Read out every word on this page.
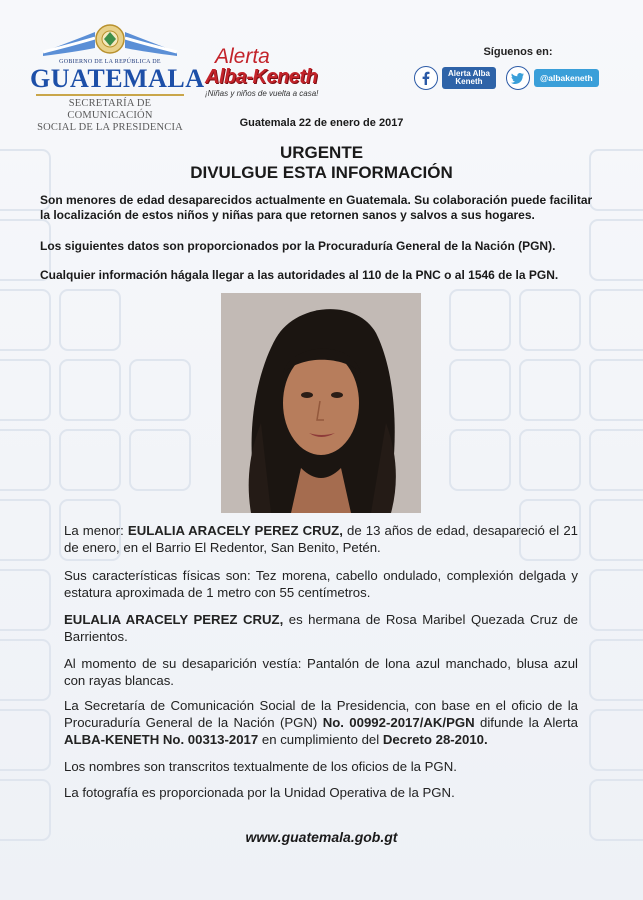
GOBIERNO DE LA REPÚBLICA DE
GUATEMALA
SECRETARÍA DE COMUNICACIÓN
SOCIAL DE LA PRESIDENCIA
Alerta
Alba-Keneth
¡Niñas y niños de vuelta a casa!
Síguenos en:
Alerta Alba
Keneth	@albakeneth
Guatemala 22 de enero de 2017
URGENTE
DIVULGUE ESTA INFORMACIÓN
Son menores de edad desaparecidos actualmente en Guatemala. Su colaboración puede facilitar la localización de estos niños y niñas para que retornen sanos y salvos a sus hogares.
Los siguientes datos son proporcionados por la Procuraduría General de la Nación (PGN).
Cualquier información hágala llegar a las autoridades al 110 de la PNC o al 1546 de la PGN.
La menor: EULALIA ARACELY PEREZ CRUZ, de 13 años de edad, desapareció el 21 de enero, en el Barrio El Redentor, San Benito, Petén.
Sus características físicas son: Tez morena, cabello ondulado, complexión delgada y estatura aproximada de 1 metro con 55 centímetros.
EULALIA ARACELY PEREZ CRUZ, es hermana de Rosa Maribel Quezada Cruz de Barrientos.
Al momento de su desaparición vestía: Pantalón de lona azul manchado, blusa azul con rayas blancas.
La Secretaría de Comunicación Social de la Presidencia, con base en el oficio de la Procuraduría General de la Nación (PGN) No. 00992-2017/AK/PGN difunde la Alerta ALBA-KENETH No. 00313-2017 en cumplimiento del Decreto 28-2010.
Los nombres son transcritos textualmente de los oficios de la PGN.
La fotografía es proporcionada por la Unidad Operativa de la PGN.
www.guatemala.gob.gt
